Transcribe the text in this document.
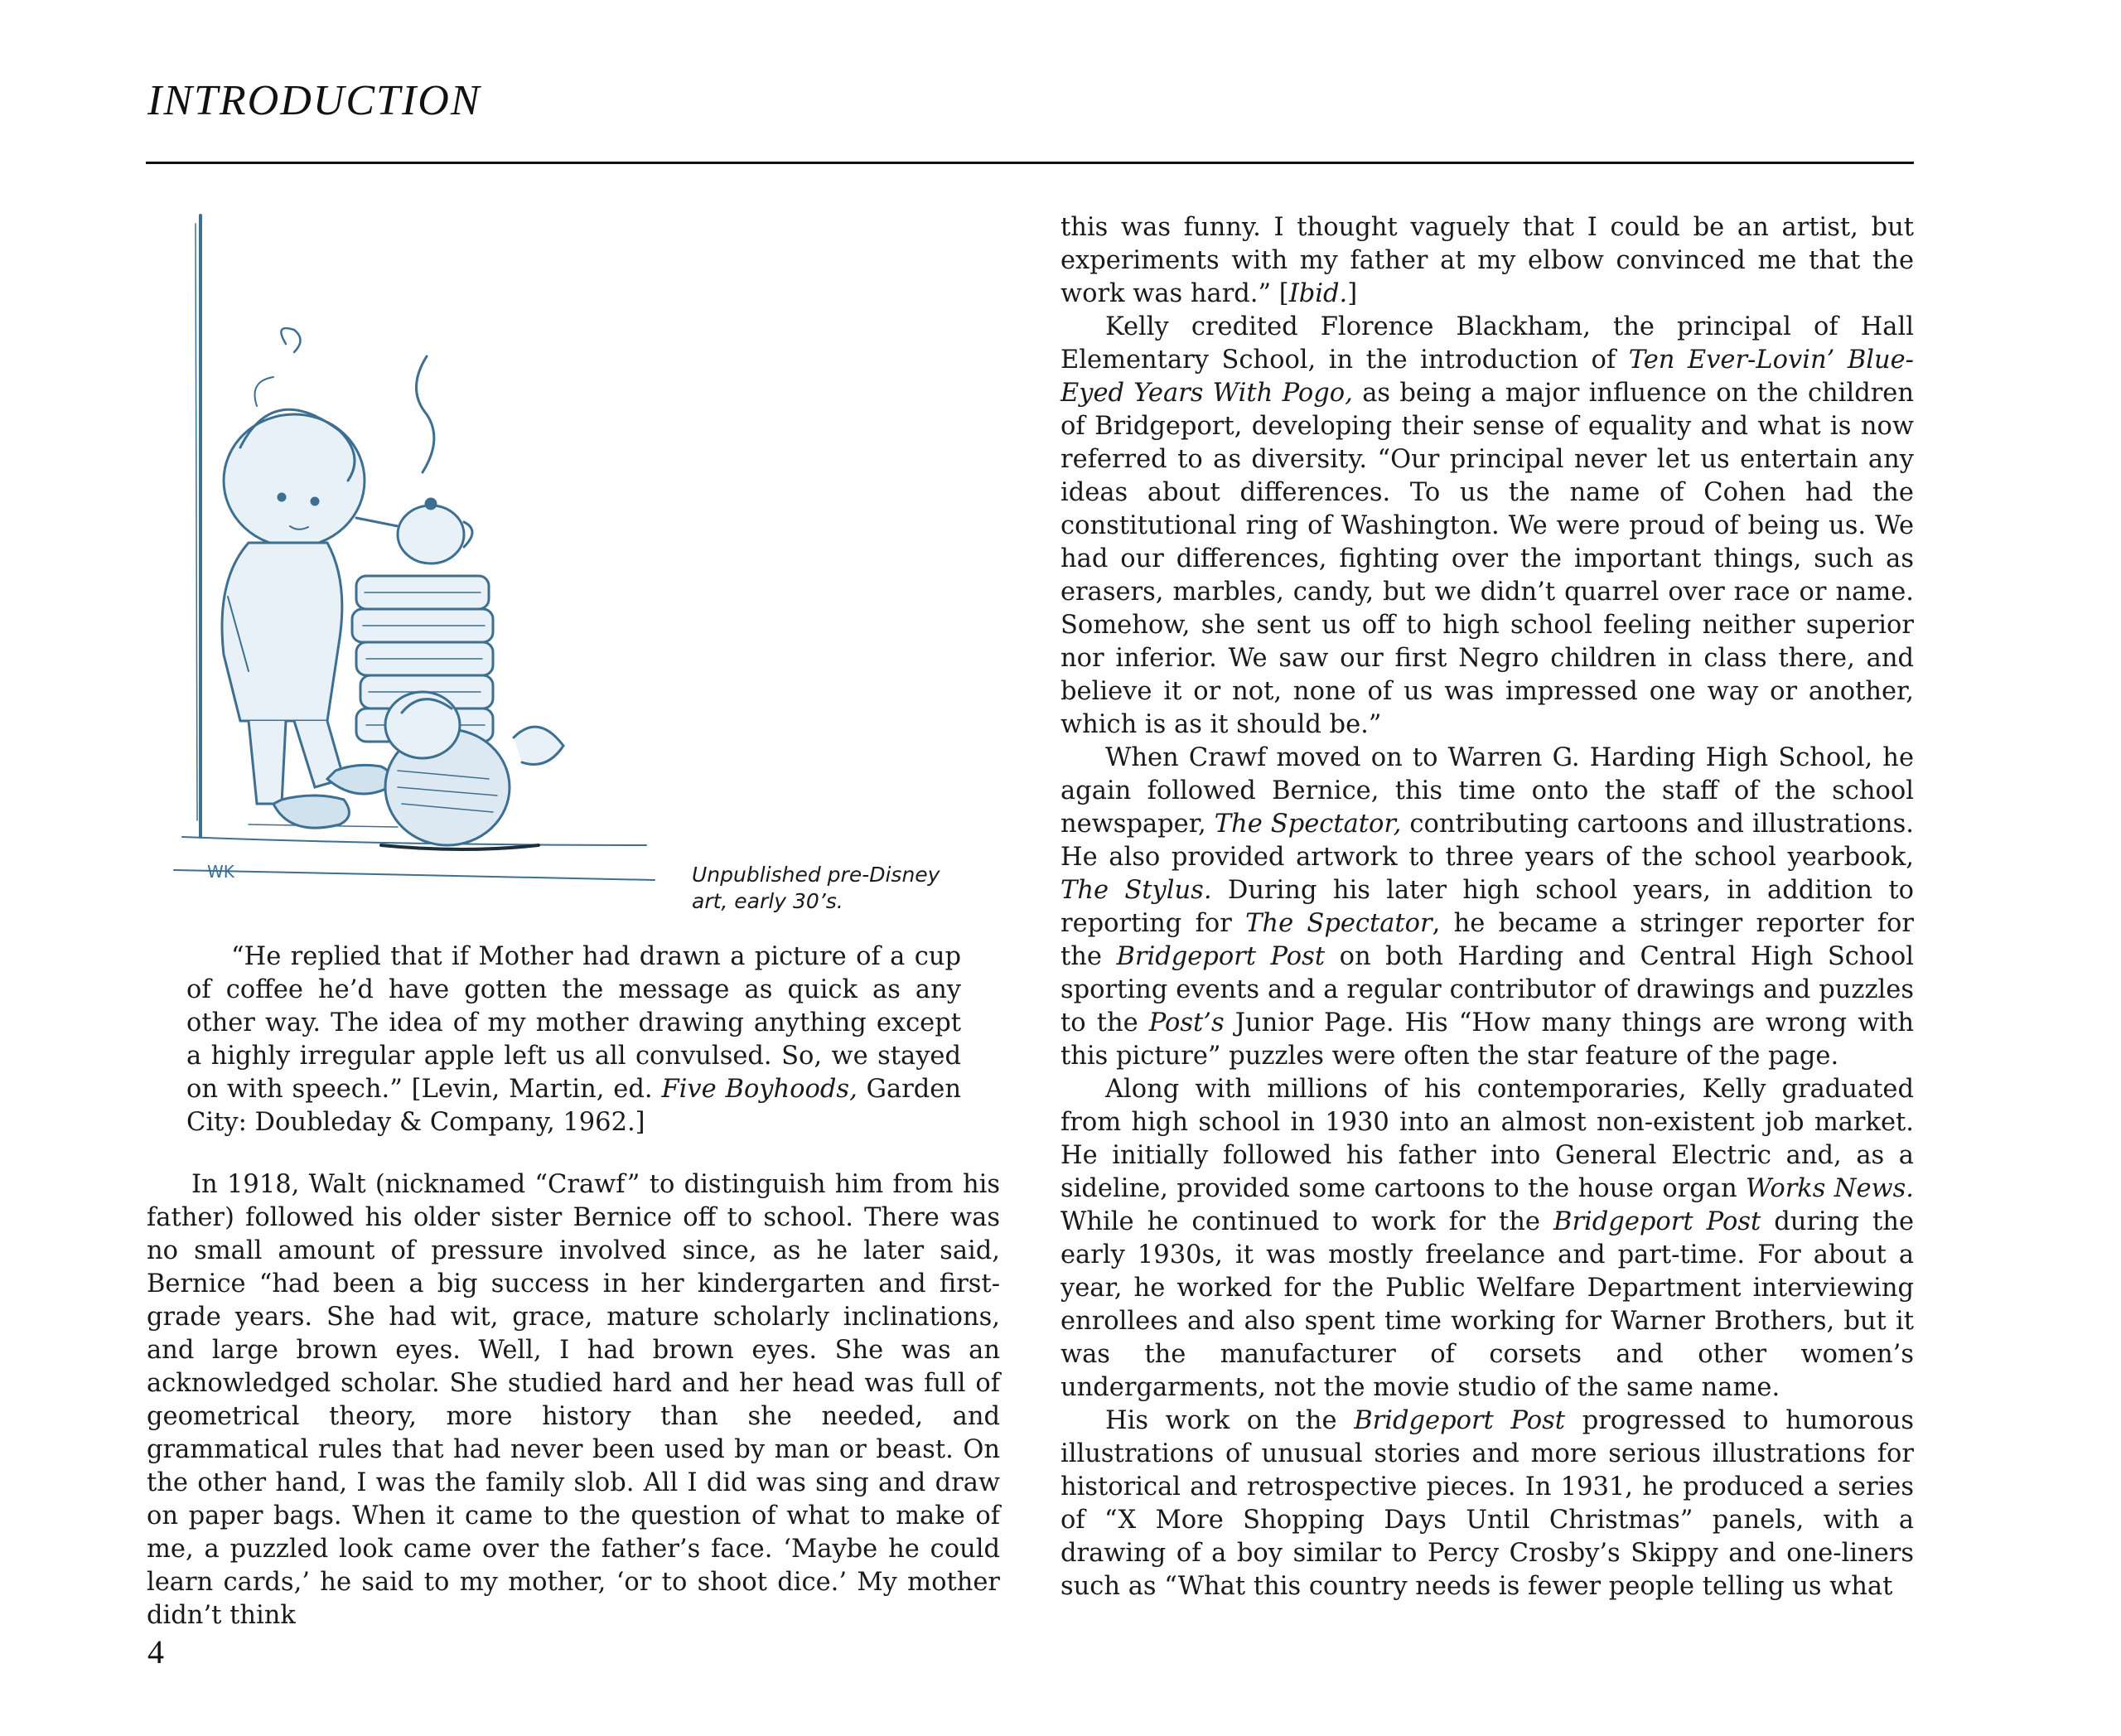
INTRODUCTION
WK	Unpublished pre-Disney
art, early 30’s.

“He replied that if Mother had drawn a picture of a cup of coffee he’d have gotten the message as quick as any other way. The idea of my mother drawing anything except a highly irregular apple left us all convulsed. So, we stayed on with speech.” [Levin, Martin, ed. Five Boyhoods, Garden City: Doubleday & Company, 1962.]

In 1918, Walt (nicknamed “Crawf” to distinguish him from his father) followed his older sister Bernice off to school. There was no small amount of pressure involved since, as he later said, Bernice “had been a big success in her kindergarten and first-grade years. She had wit, grace, mature scholarly inclinations, and large brown eyes. Well, I had brown eyes. She was an acknowledged scholar. She studied hard and her head was full of geometrical theory, more history than she needed, and grammatical rules that had never been used by man or beast. On the other hand, I was the family slob. All I did was sing and draw on paper bags. When it came to the question of what to make of me, a puzzled look came over the father’s face. ‘Maybe he could learn cards,’ he said to my mother, ‘or to shoot dice.’ My mother didn’t think

this was funny. I thought vaguely that I could be an artist, but experiments with my father at my elbow convinced me that the work was hard.” [Ibid.]

Kelly credited Florence Blackham, the principal of Hall Elementary School, in the introduction of Ten Ever-Lovin’ Blue-Eyed Years With Pogo, as being a major influence on the children of Bridgeport, developing their sense of equality and what is now referred to as diversity. “Our principal never let us entertain any ideas about differences. To us the name of Cohen had the constitutional ring of Washington. We were proud of being us. We had our differences, fighting over the important things, such as erasers, marbles, candy, but we didn’t quarrel over race or name. Somehow, she sent us off to high school feeling neither superior nor inferior. We saw our first Negro children in class there, and believe it or not, none of us was impressed one way or another, which is as it should be.”

When Crawf moved on to Warren G. Harding High School, he again followed Bernice, this time onto the staff of the school newspaper, The Spectator, contributing cartoons and illustrations. He also provided artwork to three years of the school yearbook, The Stylus. During his later high school years, in addition to reporting for The Spectator, he became a stringer reporter for the Bridgeport Post on both Harding and Central High School sporting events and a regular contributor of drawings and puzzles to the Post’s Junior Page. His “How many things are wrong with this picture” puzzles were often the star feature of the page.

Along with millions of his contemporaries, Kelly graduated from high school in 1930 into an almost non-existent job market. He initially followed his father into General Electric and, as a sideline, provided some cartoons to the house organ Works News. While he continued to work for the Bridgeport Post during the early 1930s, it was mostly freelance and part-time. For about a year, he worked for the Public Welfare Department interviewing enrollees and also spent time working for Warner Brothers, but it was the manufacturer of corsets and other women’s undergarments, not the movie studio of the same name.

His work on the Bridgeport Post progressed to humorous illustrations of unusual stories and more serious illustrations for historical and retrospective pieces. In 1931, he produced a series of “X More Shopping Days Until Christmas” panels, with a drawing of a boy similar to Percy Crosby’s Skippy and one-liners such as “What this country needs is fewer people telling us what

4
